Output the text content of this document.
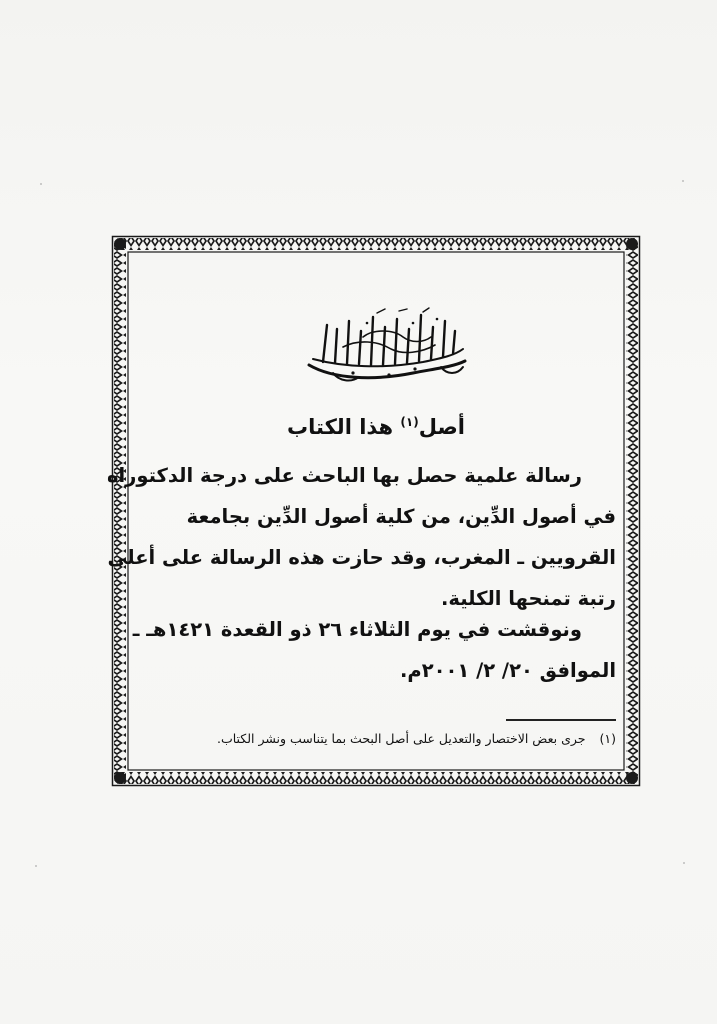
أصل$^{(١)}$ هذا الكتاب
رسالة علمية حصل بها الباحث على درجة الدكتوراه
في أصول الدِّين، من كلية أصول الدِّين بجامعة
القرويين ـ المغرب، وقد حازت هذه الرسالة على أعلى
رتبة تمنحها الكلية.
ونوقشت في يوم الثلاثاء ٢٦ ذو القعدة ١٤٢١هـ ـ
الموافق ٢٠/ ٢/ ٢٠٠١م.
(١)جرى بعض الاختصار والتعديل على أصل البحث بما يتناسب ونشر الكتاب.
